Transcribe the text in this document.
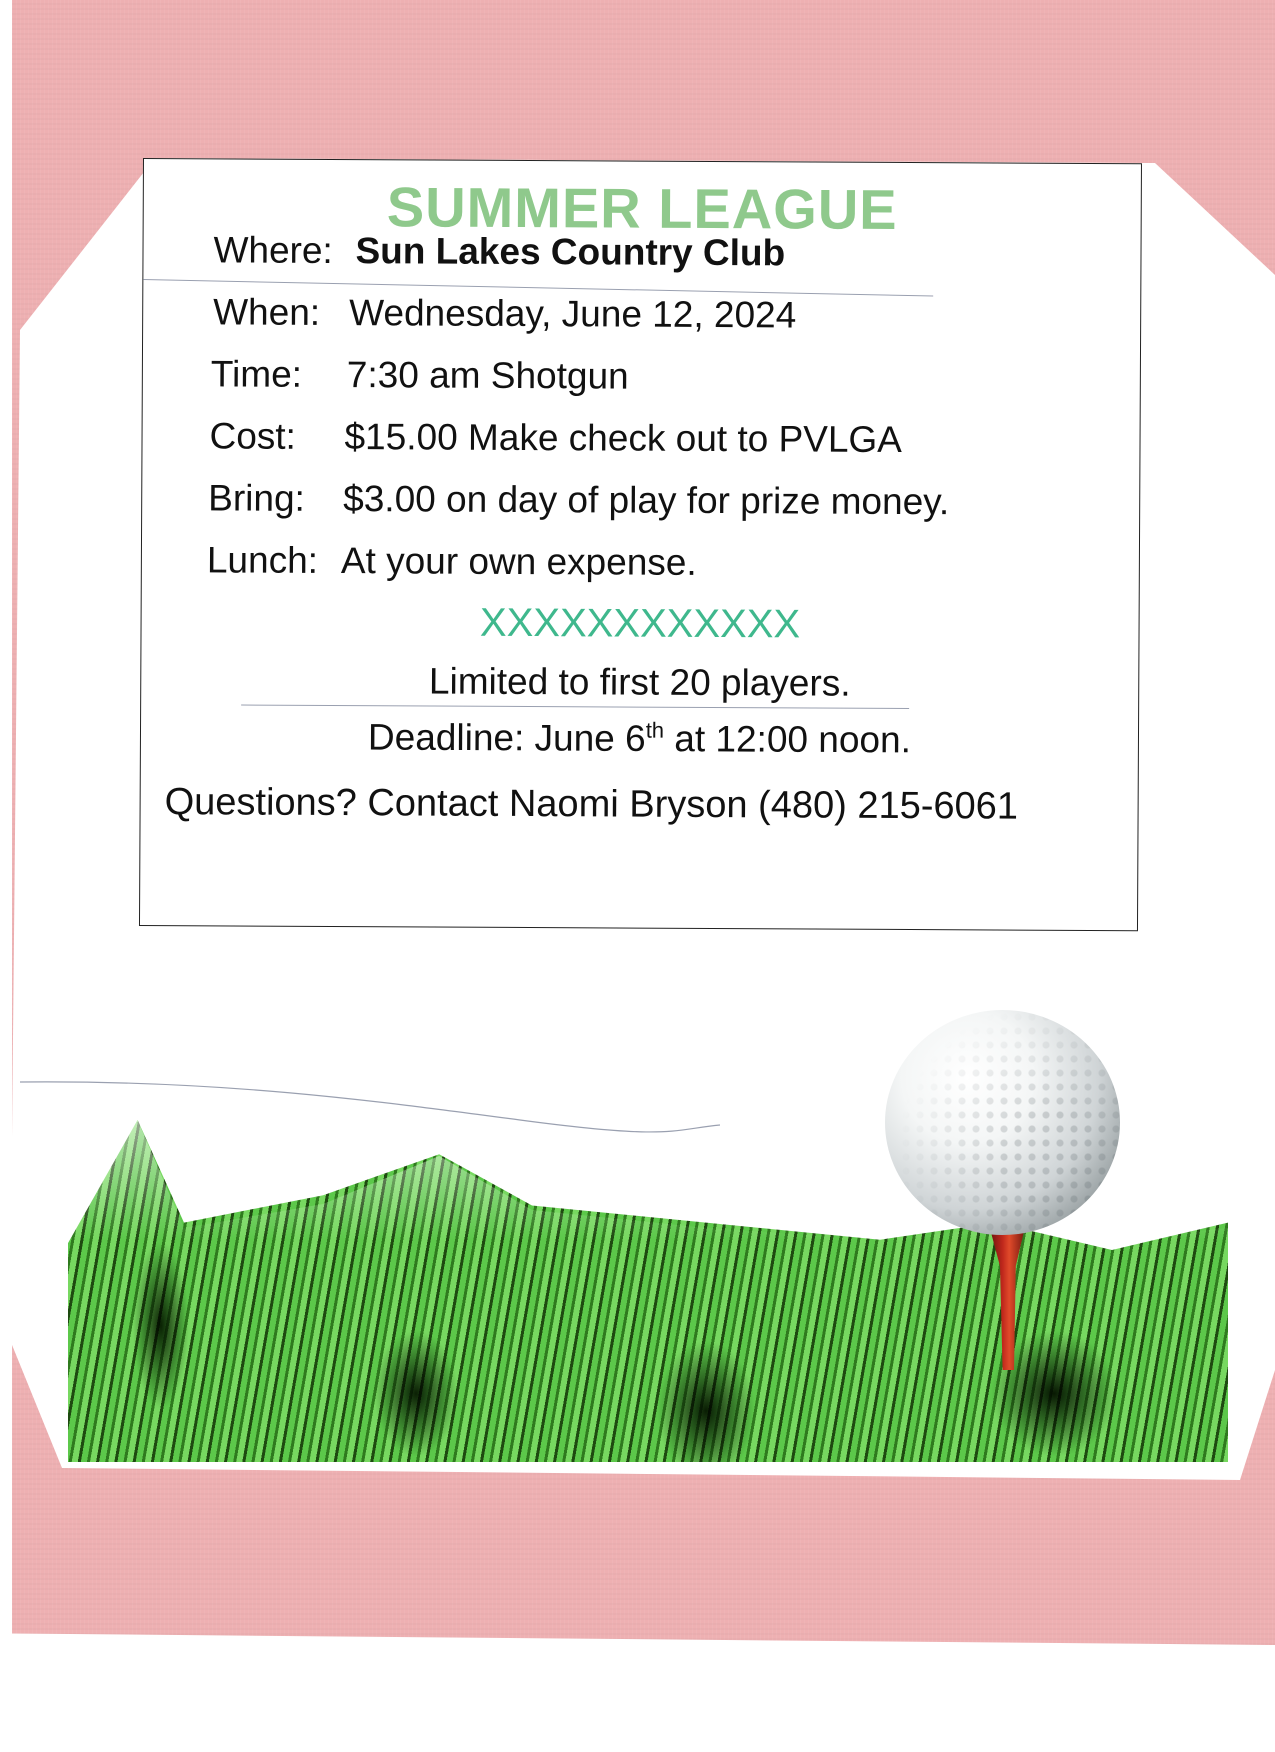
SUMMER LEAGUE
Where: Sun Lakes Country Club
When: Wednesday, June 12, 2024
Time: 7:30 am Shotgun
Cost: $15.00 Make check out to PVLGA
Bring: $3.00 on day of play for prize money.
Lunch: At your own expense.
XXXXXXXXXXXX
Limited to first 20 players.
Deadline: June 6th at 12:00 noon.
Questions? Contact Naomi Bryson (480) 215-6061
